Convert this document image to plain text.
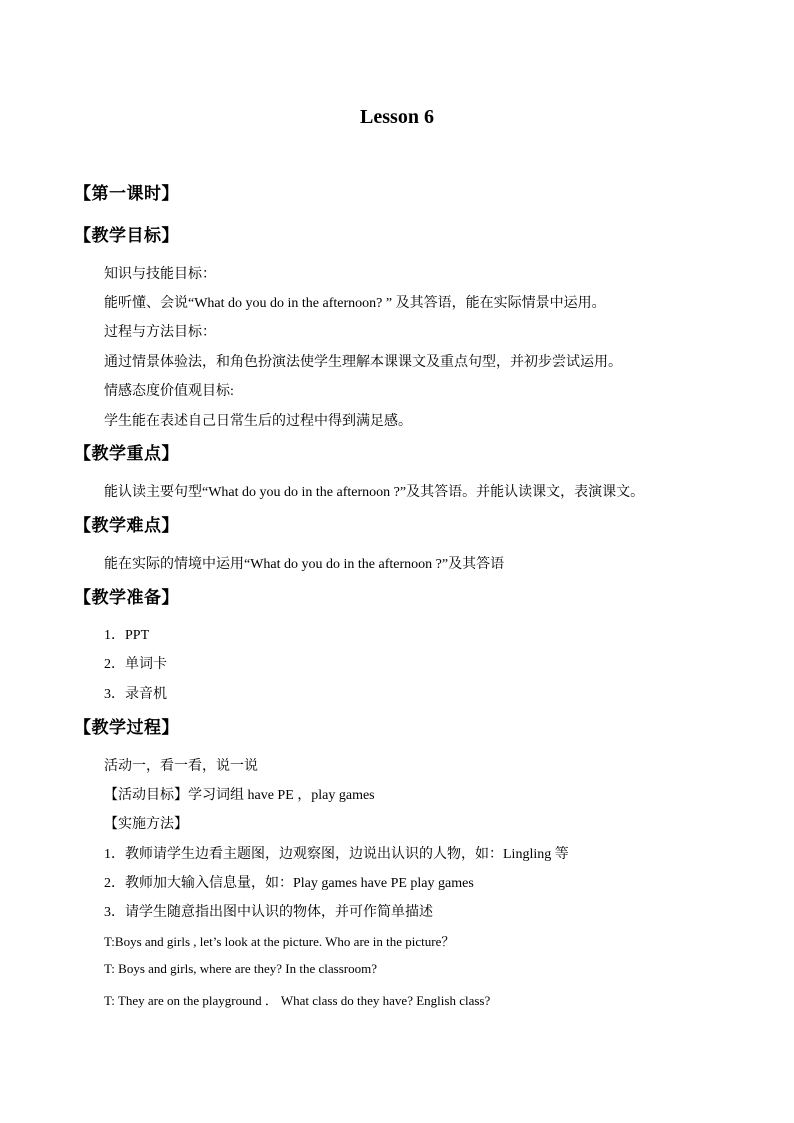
Lesson 6
【第一课时】
【教学目标】
知识与技能目标：
能听懂、会说“What do you do in the afternoon? ” 及其答语，能在实际情景中运用。
过程与方法目标：
通过情景体验法，和角色扮演法使学生理解本课课文及重点句型，并初步尝试运用。
情感态度价值观目标:
学生能在表述自己日常生后的过程中得到满足感。
【教学重点】
能认读主要句型“What do you do in the afternoon ?”及其答语。并能认读课文，表演课文。
【教学难点】
能在实际的情境中运用“What do you do in the afternoon ?”及其答语
【教学准备】
1．PPT
2．单词卡
3．录音机
【教学过程】
活动一，看一看，说一说
【活动目标】学习词组 have PE ，play games
【实施方法】
1．教师请学生边看主题图，边观察图，边说出认识的人物，如：Lingling 等
2．教师加大输入信息量，如：Play games have PE play games
3．请学生随意指出图中认识的物体，并可作简单描述
T:Boys and girls , let’s look at the picture. Who are in the picture？
T: Boys and girls, where are they? In the classroom?
T: They are on the playground ． What class do they have? English class?
